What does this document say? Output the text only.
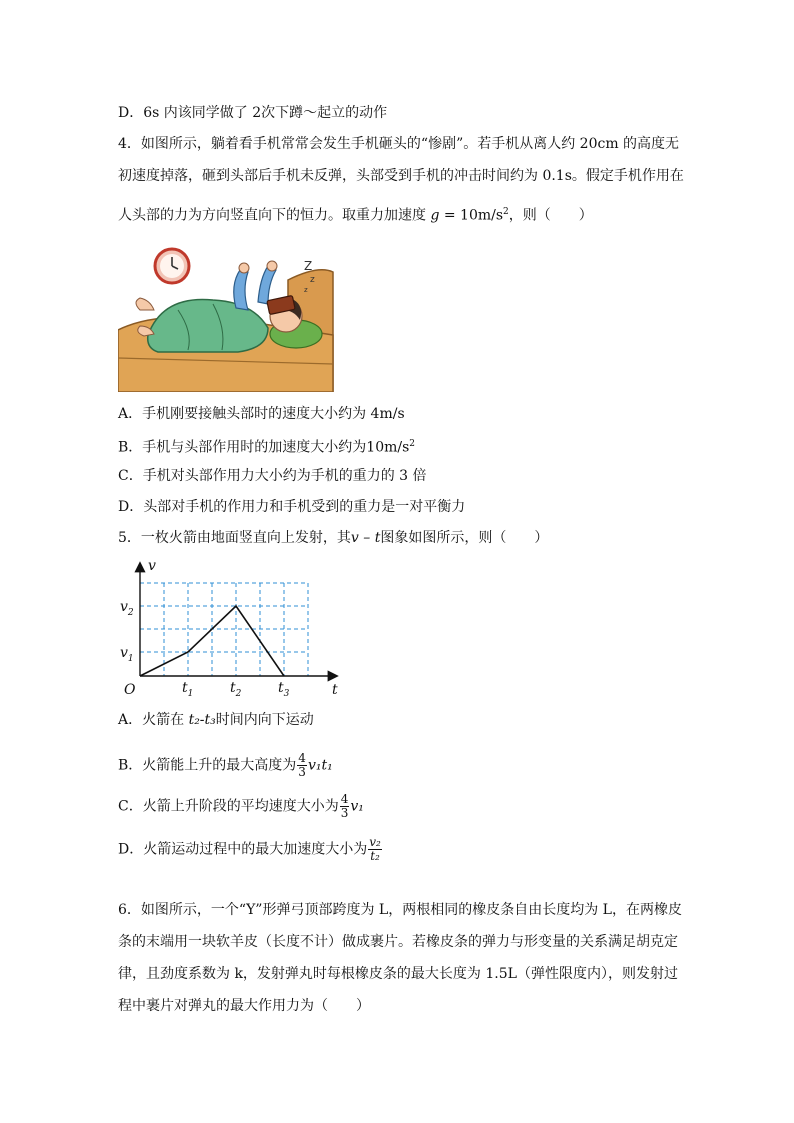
D．6s 内该同学做了 2次下蹲～起立的动作
4．如图所示，躺着看手机常常会发生手机砸头的“惨剧”。若手机从离人约 20cm 的高度无
初速度掉落，砸到头部后手机未反弹，头部受到手机的冲击时间约为 0.1s。假定手机作用在
人头部的力为方向竖直向下的恒力。取重力加速度 $g = 10m/s^2$，则（　　）
Z
z
z
A．手机刚要接触头部时的速度大小约为 4m/s
B．手机与头部作用时的加速度大小约为$10m/s^2$
C．手机对头部作用力大小约为手机的重力的 3 倍
D．头部对手机的作用力和手机受到的重力是一对平衡力
5．一枚火箭由地面竖直向上发射，其v – t图象如图所示，则（　　）
v
t
O
$v_2$
$v_1$
$t_1$	$t_2$	$t_3$
A．火箭在 t₂-t₃时间内向下运动
B．火箭能上升的最大高度为 $\frac{4}{3} v_1t_1$
C．火箭上升阶段的平均速度大小为 $\frac{4}{3} v_1$
D．火箭运动过程中的最大加速度大小为 $\frac{\text{v₂}}{\text{t₂}}$
6．如图所示，一个“Y”形弹弓顶部跨度为 L，两根相同的橡皮条自由长度均为 L，在两橡皮
条的末端用一块软羊皮（长度不计）做成裹片。若橡皮条的弹力与形变量的关系满足胡克定
律，且劲度系数为 k，发射弹丸时每根橡皮条的最大长度为 1.5L（弹性限度内），则发射过
程中裹片对弹丸的最大作用力为（　　）
